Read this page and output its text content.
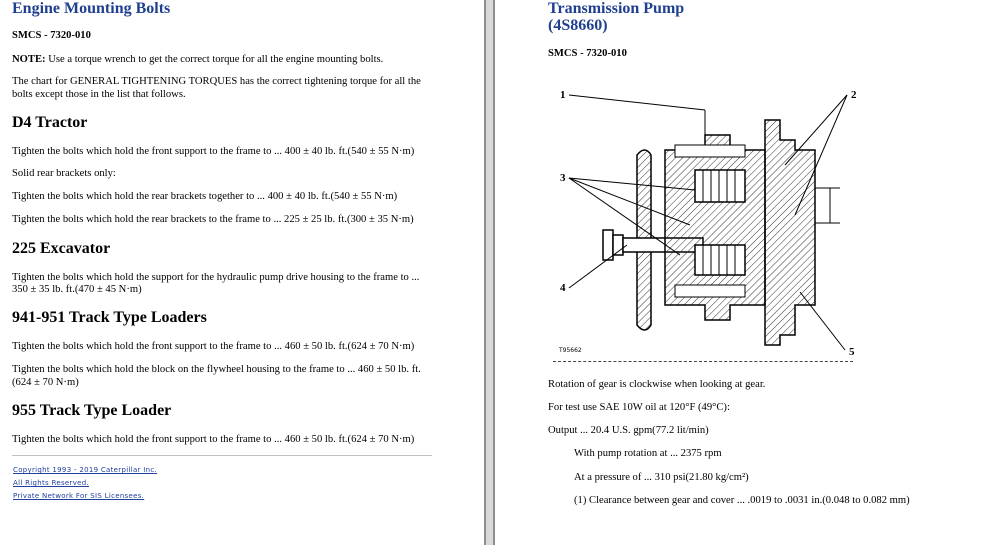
Engine Mounting Bolts

SMCS - 7320-010

NOTE: Use a torque wrench to get the correct torque for all the engine mounting bolts.

The chart for GENERAL TIGHTENING TORQUES has the correct tightening torque for all the

bolts except those in the list that follows.

D4 Tractor

Tighten the bolts which hold the front support to the frame to ... 400 ± 40 lb. ft.(540 ± 55 N·m)

Solid rear brackets only:

Tighten the bolts which hold the rear brackets together to ... 400 ± 40 lb. ft.(540 ± 55 N·m)

Tighten the bolts which hold the rear brackets to the frame to ... 225 ± 25 lb. ft.(300 ± 35 N·m)

225 Excavator

Tighten the bolts which hold the support for the hydraulic pump drive housing to the frame to ...

350 ± 35 lb. ft.(470 ± 45 N·m)

941-951 Track Type Loaders

Tighten the bolts which hold the front support to the frame to ... 460 ± 50 lb. ft.(624 ± 70 N·m)

Tighten the bolts which hold the block on the flywheel housing to the frame to ... 460 ± 50 lb. ft.

(624 ± 70 N·m)

955 Track Type Loader

Tighten the bolts which hold the front support to the frame to ... 460 ± 50 lb. ft.(624 ± 70 N·m)

Copyright 1993 - 2019 Caterpillar Inc.
All Rights Reserved.
Private Network For SIS Licensees.
Transmission Pump
(4S8660)

SMCS - 7320-010

1	2
3
4
5
T95662

Rotation of gear is clockwise when looking at gear.

For test use SAE 10W oil at 120°F (49°C):

Output ... 20.4 U.S. gpm(77.2 lit/min)

With pump rotation at ... 2375 rpm

At a pressure of ... 310 psi(21.80 kg/cm²)

(1) Clearance between gear and cover ... .0019 to .0031 in.(0.048 to 0.082 mm)
